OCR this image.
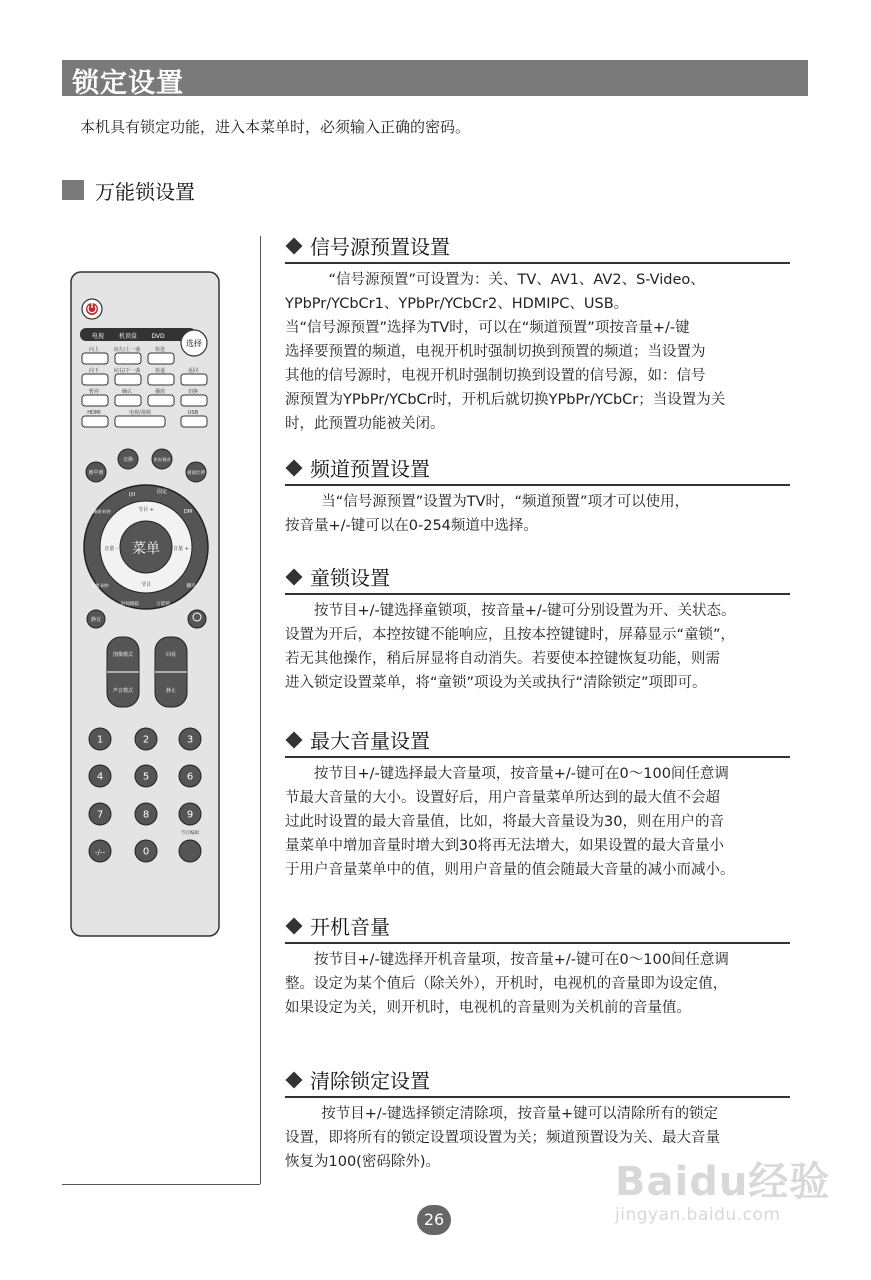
锁定设置
本机具有锁定功能，进入本菜单时，必须输入正确的密码。
万能锁设置
电视 机顶盒 DVD
选择
向上	向左/上一曲	快进
向下	向右/下一曲	快退	返回
暂停	确认	播放	切换
HDMI	电视/视频	USB
交换	伴音/静音
画中画	画面比例
I/II	固定
睡眠·时钟	DM
节目 +
菜单
音量 -	音量 +
节目
设置·闹钟
时间跟踪	万能锁
翻页
静音
图像模式
声音模式
回看
静止
1	2	3
4	5	6
7	8	9
-/--	0
节目编辑
信号源预置设置

“信号源预置”可设置为：关、TV、AV1、AV2、S-Video、

YPbPr/YCbCr1、YPbPr/YCbCr2、HDMIPC、USB。

当“信号源预置”选择为TV时，可以在“频道预置”项按音量+/-键

选择要预置的频道，电视开机时强制切换到预置的频道；当设置为

其他的信号源时，电视开机时强制切换到设置的信号源，如：信号

源预置为YPbPr/YCbCr时，开机后就切换YPbPr/YCbCr；当设置为关

时，此预置功能被关闭。

频道预置设置

当“信号源预置”设置为TV时，“频道预置”项才可以使用，

按音量+/-键可以在0-254频道中选择。

童锁设置

按节目+/-键选择童锁项，按音量+/-键可分别设置为开、关状态。

设置为开后，本控按键不能响应，且按本控键键时，屏幕显示“童锁”，

若无其他操作，稍后屏显将自动消失。若要使本控键恢复功能，则需

进入锁定设置菜单，将“童锁”项设为关或执行“清除锁定”项即可。

最大音量设置

按节目+/-键选择最大音量项，按音量+/-键可在0～100间任意调

节最大音量的大小。设置好后，用户音量菜单所达到的最大值不会超

过此时设置的最大音量值，比如，将最大音量设为30，则在用户的音

量菜单中增加音量时增大到30将再无法增大，如果设置的最大音量小

于用户音量菜单中的值，则用户音量的值会随最大音量的减小而减小。

开机音量

按节目+/-键选择开机音量项，按音量+/-键可在0～100间任意调

整。设定为某个值后（除关外），开机时，电视机的音量即为设定值，

如果设定为关，则开机时，电视机的音量则为关机前的音量值。

清除锁定设置

按节目+/-键选择锁定清除项，按音量+键可以清除所有的锁定

设置，即将所有的锁定设置项设置为关；频道预置设为关、最大音量

恢复为100(密码除外)。

26
Baidu经验
jingyan.baidu.com
